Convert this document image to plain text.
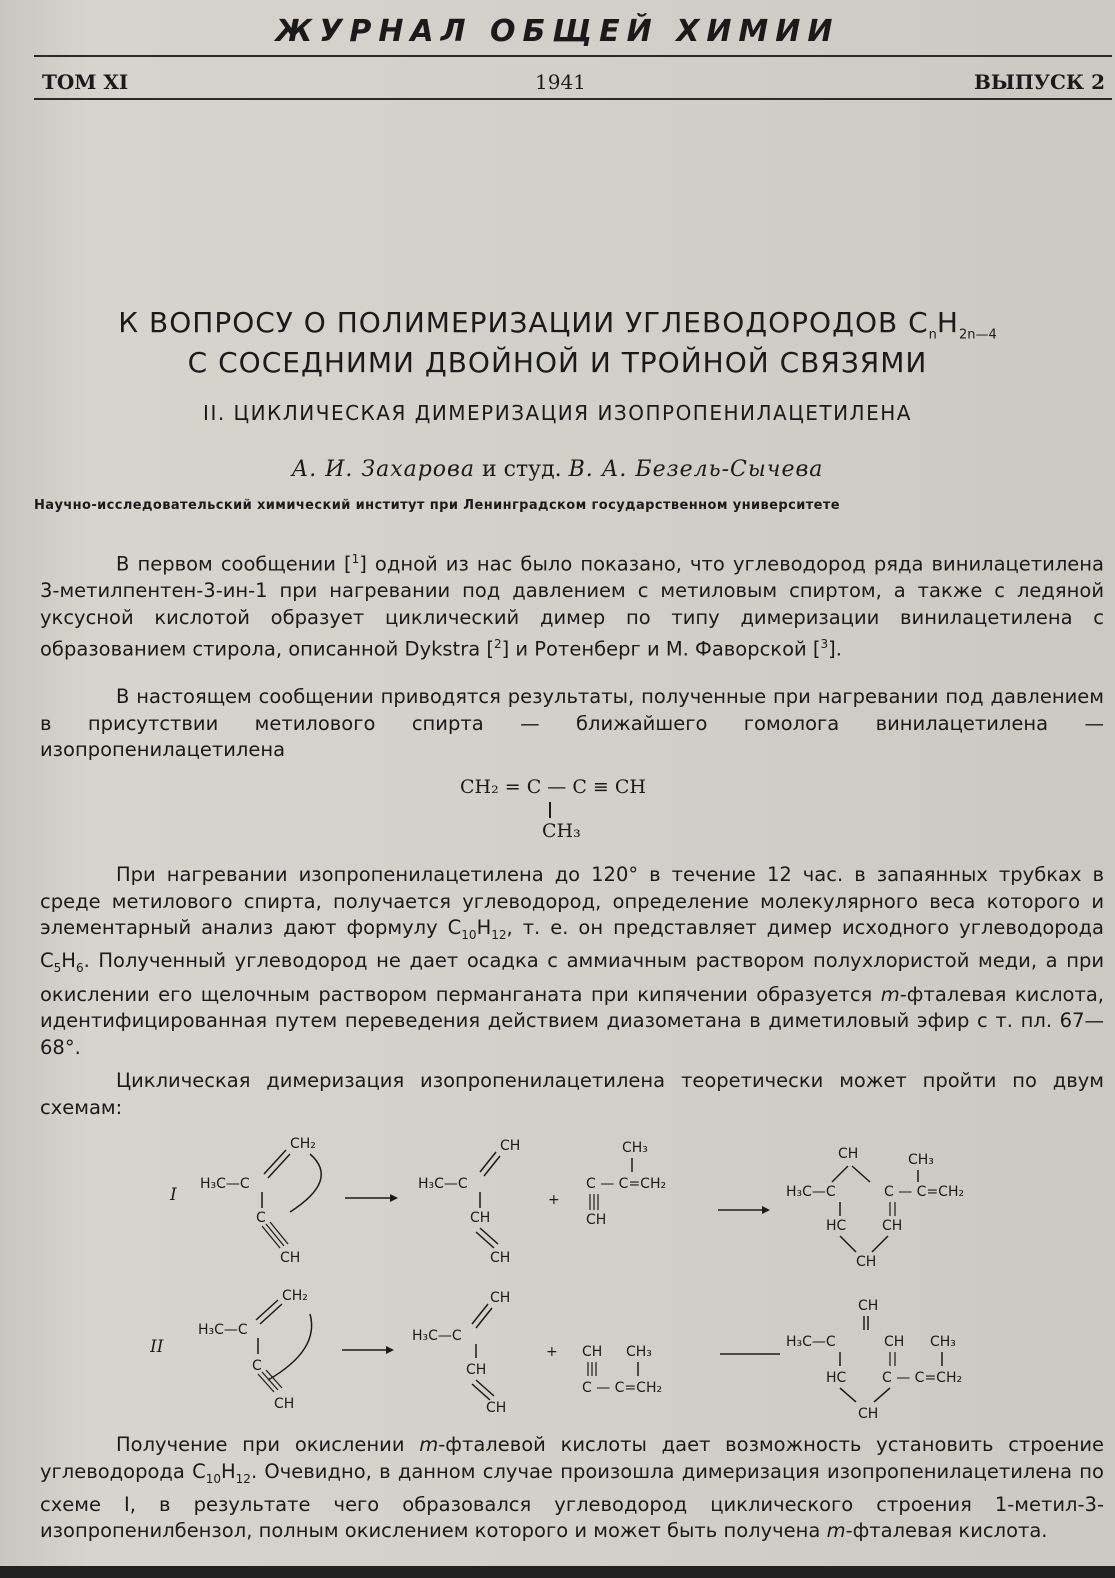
ЖУРНАЛ ОБЩЕЙ ХИМИИ
ТОМ XI	1941	ВЫПУСК 2
К ВОПРОСУ О ПОЛИМЕРИЗАЦИИ УГЛЕВОДОРОДОВ $C_nH_{2n—4}$
С СОСЕДНИМИ ДВОЙНОЙ И ТРОЙНОЙ СВЯЗЯМИ
II. ЦИКЛИЧЕСКАЯ ДИМЕРИЗАЦИЯ ИЗОПРОПЕНИЛАЦЕТИЛЕНА
А. И. Захарова и студ. В. А. Безель-Сычева
Научно-исследовательский химический институт при Ленинградском государственном университете

В первом сообщении [$^1$] одной из нас было показано, что углеводород ряда винилацетилена 3-метилпентен-3-ин-1 при нагревании под давлением с метиловым спиртом, а также с ледяной уксусной кислотой образует циклический димер по типу димеризации винилацетилена с образованием стирола, описанной Dykstra [$^2$] и Ротенберг и М. Фаворской [$^3$].

В настоящем сообщении приводятся результаты, полученные при нагревании под давлением в присутствии метилового спирта — ближайшего гомолога винилацетилена — изопропенилацетилена

CH₂ = C — C ≡ CH
CH₃

При нагревании изопропенилацетилена до 120° в течение 12 час. в запаянных трубках в среде метилового спирта, получается углеводород, определение молекулярного веса которого и элементарный анализ дают формулу $C_{10}H_{12}$, т. е. он представляет димер исходного углеводорода $C_5H_6$. Полученный углеводород не дает осадка с аммиачным раствором полухлористой меди, а при окислении его щелочным раствором перманганата при кипячении образуется m-фталевая кислота, идентифицированная путем переведения действием диазометана в диметиловый эфир с т. пл. 67—68°.

Циклическая димеризация изопропенилацетилена теоретически может пройти по двум схемам:

I
CH₂
H₃C—C
C
CH
CH
H₃C—C
CH
CH
+
CH₃
C — C=CH₂
CH
CH	CH₃
H₃C—C	C — C=CH₂
HC	CH
CH
II
CH₂
H₃C—C
C
CH
CH
H₃C—C
CH
CH
+ CH CH₃
C — C=CH₂
CH
H₃C—C	CH CH₃
HC	C — C=CH₂
CH

Получение при окислении m-фталевой кислоты дает возможность установить строение углеводорода $C_{10}H_{12}$. Очевидно, в данном случае произошла димеризация изопропенилацетилена по схеме I, в результате чего образовался углеводород циклического строения 1-метил-3-изопропенилбензол, полным окислением которого и может быть получена m-фталевая кислота.
